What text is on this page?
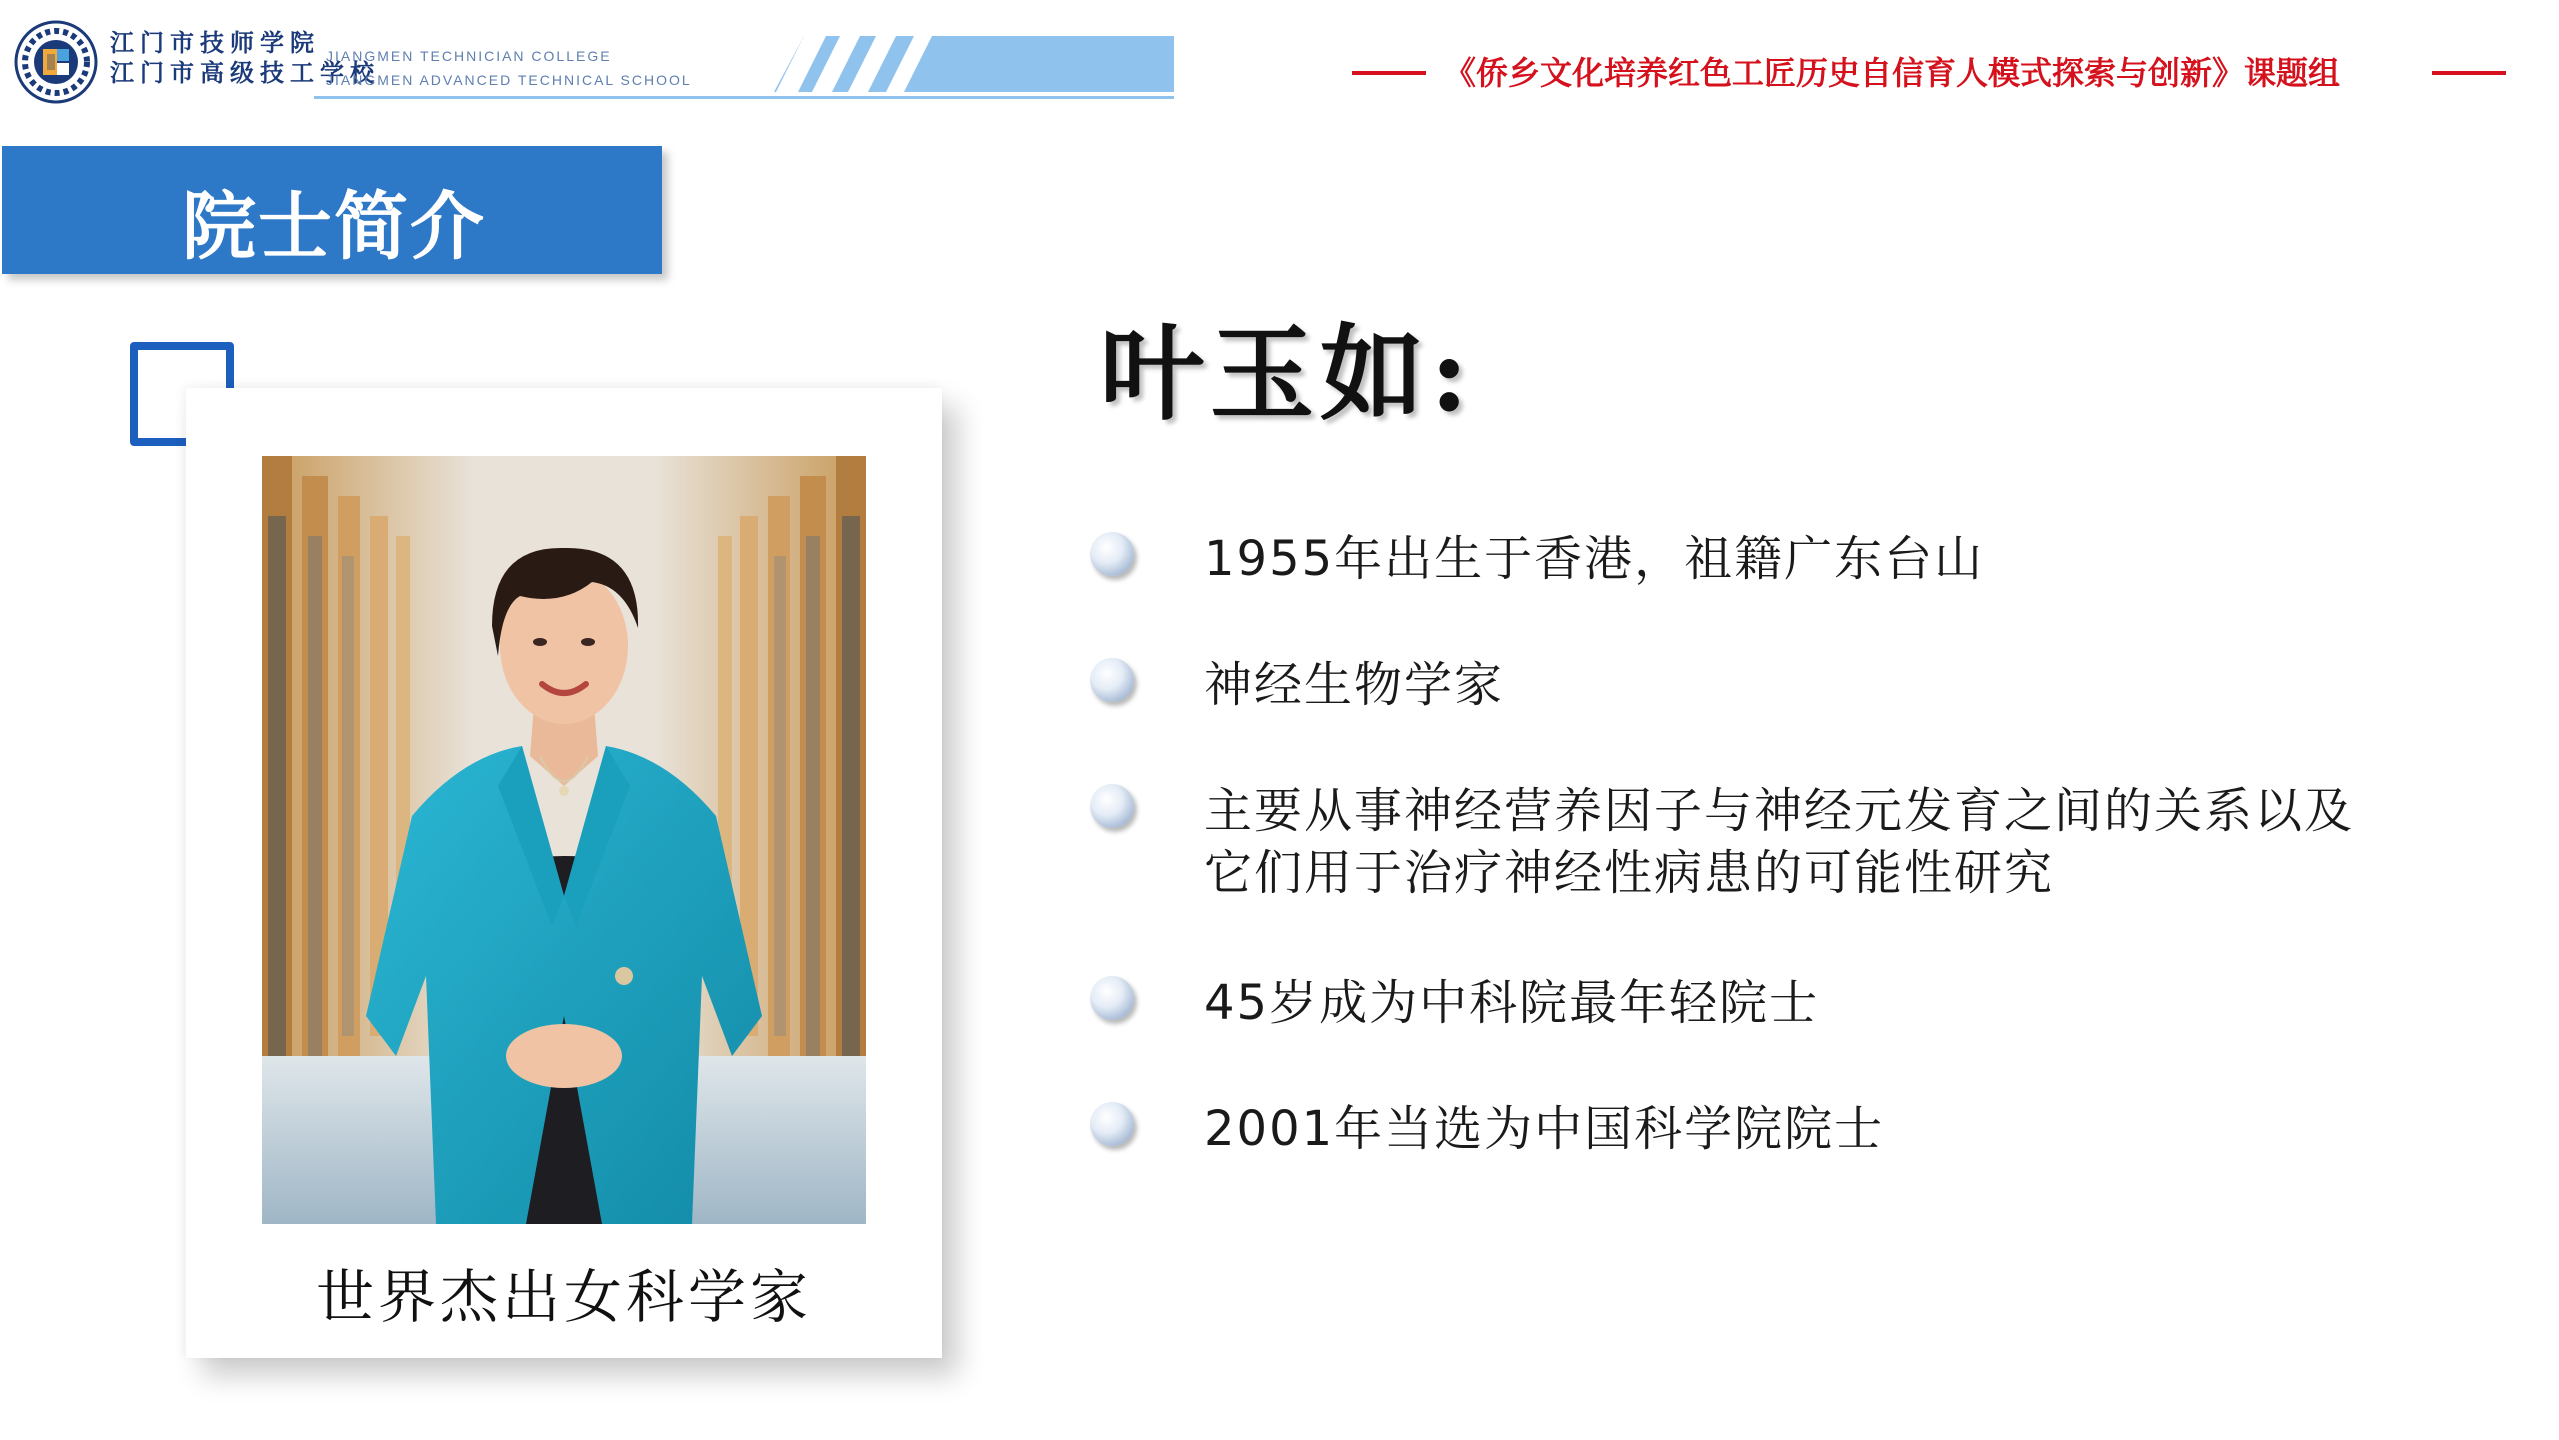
江门市技师学院
江门市高级技工学校
JIANGMEN TECHNICIAN COLLEGE
JIANGMEN ADVANCED TECHNICAL SCHOOL	《侨乡文化培养红色工匠历史自信育人模式探索与创新》课题组
院士简介
世界杰出女科学家
叶玉如:
1955年出生于香港，祖籍广东台山
神经生物学家
主要从事神经营养因子与神经元发育之间的关系以及它们用于治疗神经性病患的可能性研究
45岁成为中科院最年轻院士
2001年当选为中国科学院院士
